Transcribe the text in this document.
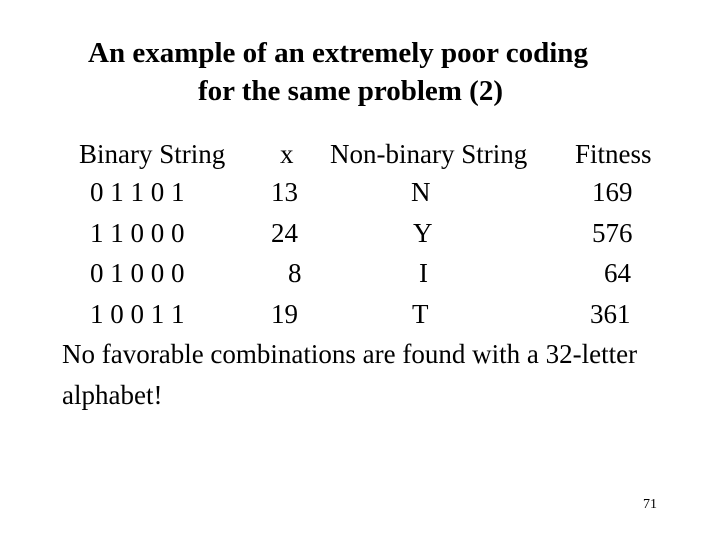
An example of an extremely poor coding
for the same problem (2)
Binary String x Non-binary String Fitness
0 1 1 0 1	13	N	169
1 1 0 0 0	24	Y	576
0 1 0 0 0	8	I	64
1 0 0 1 1	19	T	361
No favorable combinations are found with a 32-letter
alphabet!
71
